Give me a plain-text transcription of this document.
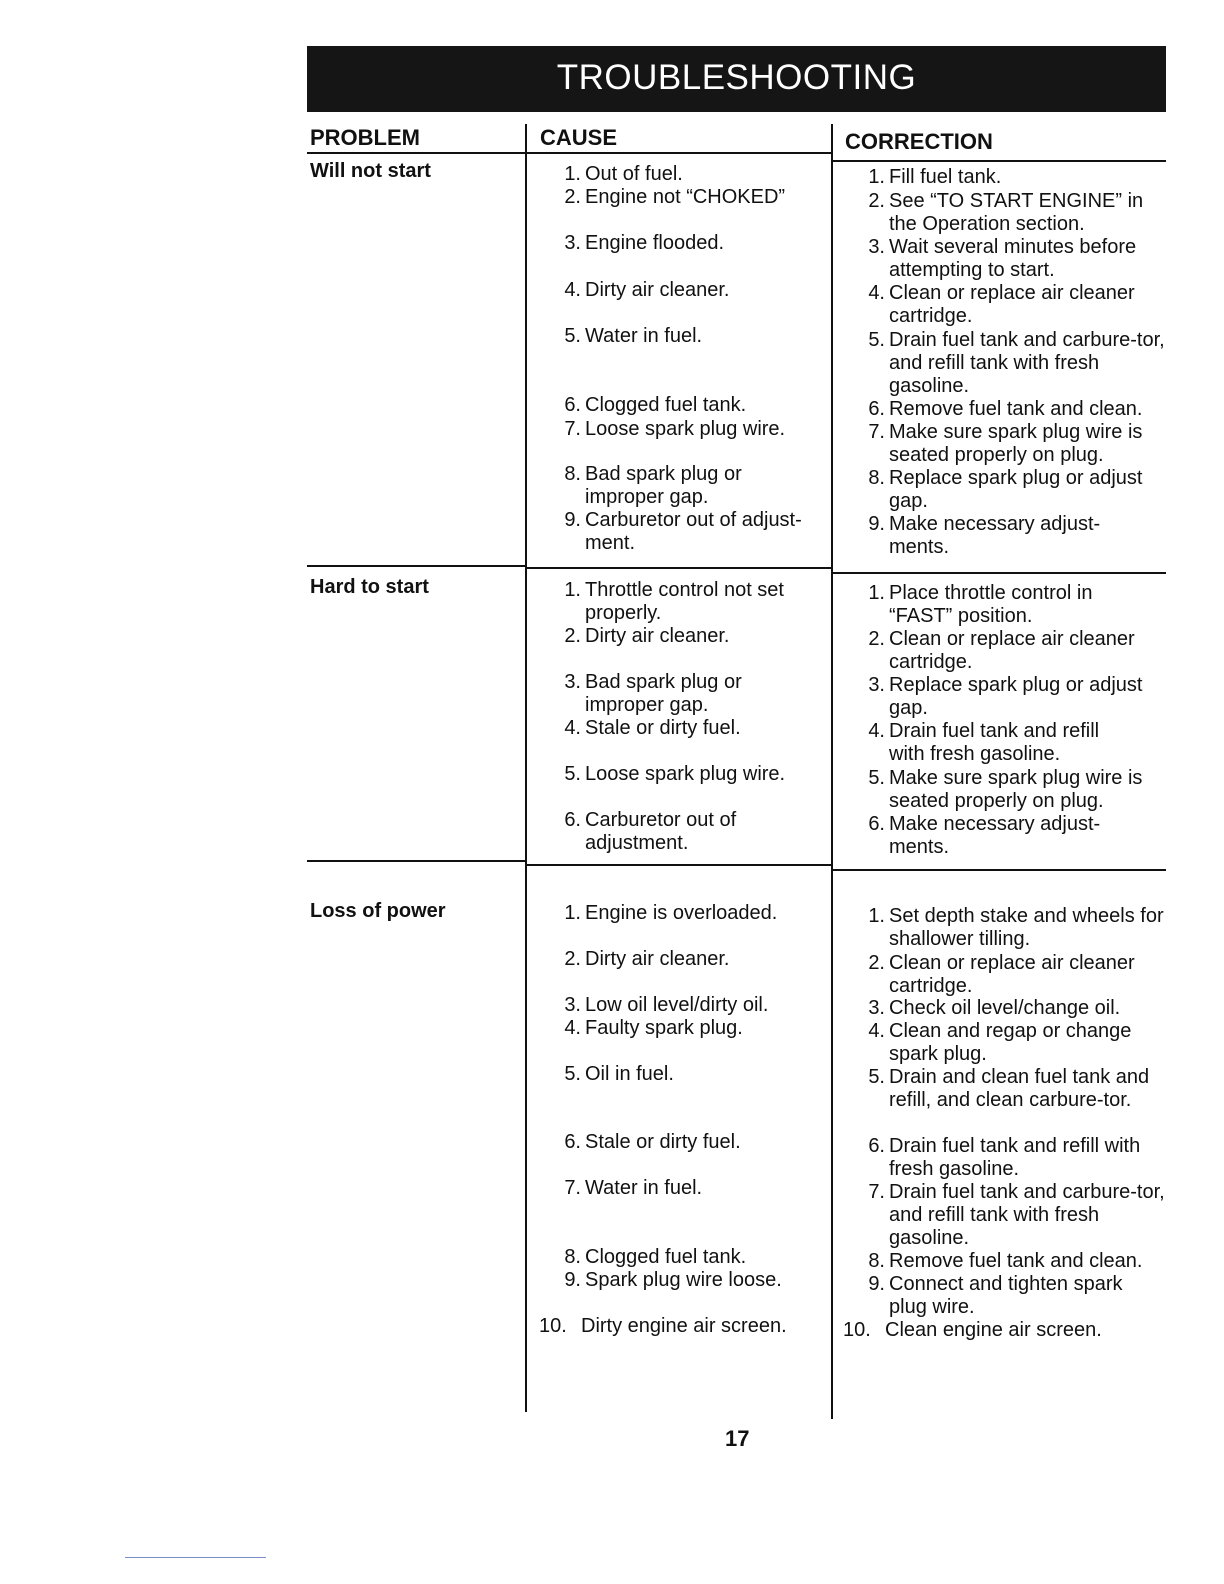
TROUBLESHOOTING
PROBLEM	CAUSE	CORRECTION
Will not start
Hard to start
Loss of power
1. Out of fuel.
2. Engine not “CHOKED”
3. Engine flooded.
4. Dirty air cleaner.
5. Water in fuel.
6. Clogged fuel tank.
7. Loose spark plug wire.
8. Bad spark plug or improper gap.
9. Carburetor out of adjust-ment.
1. Fill fuel tank.
2. See “TO START ENGINE” in the Operation section.
3. Wait several minutes before attempting to start.
4. Clean or replace air cleaner cartridge.
5. Drain fuel tank and carbure-tor, and refill tank with fresh gasoline.
6. Remove fuel tank and clean.
7. Make sure spark plug wire is seated properly on plug.
8. Replace spark plug or adjust gap.
9. Make necessary adjust-ments.
1. Throttle control not set properly.
2. Dirty air cleaner.
3. Bad spark plug or improper gap.
4. Stale or dirty fuel.
5. Loose spark plug wire.
6. Carburetor out of adjustment.
1. Place throttle control in “FAST” position.
2. Clean or replace air cleaner cartridge.
3. Replace spark plug or adjust gap.
4. Drain fuel tank and refill with fresh gasoline.
5. Make sure spark plug wire is seated properly on plug.
6. Make necessary adjust-ments.
1. Engine is overloaded.
2. Dirty air cleaner.
3. Low oil level/dirty oil.
4. Faulty spark plug.
5. Oil in fuel.
6. Stale or dirty fuel.
7. Water in fuel.
8. Clogged fuel tank.
9. Spark plug wire loose.
10. Dirty engine air screen.
1. Set depth stake and wheels for shallower tilling.
2. Clean or replace air cleaner cartridge.
3. Check oil level/change oil.
4. Clean and regap or change spark plug.
5. Drain and clean fuel tank and refill, and clean carbure-tor.
6. Drain fuel tank and refill with fresh gasoline.
7. Drain fuel tank and carbure-tor, and refill tank with fresh gasoline.
8. Remove fuel tank and clean.
9. Connect and tighten spark plug wire.
10. Clean engine air screen.
17
